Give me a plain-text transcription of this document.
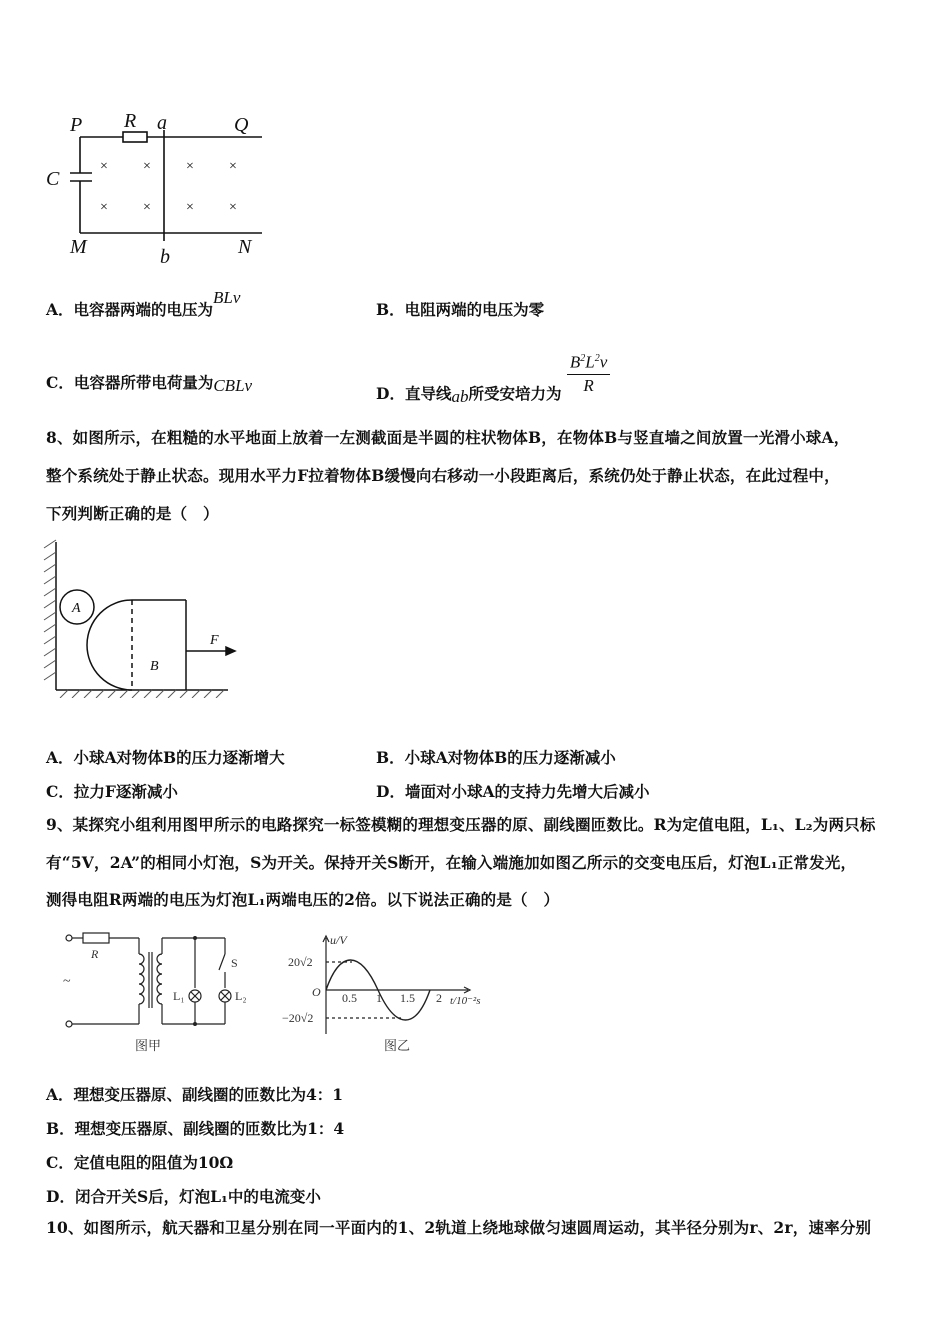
P R a	Q
C
M	b	N
×	×	×	×
×	×	×	×
A．电容器两端的电压为BLv
B．电阻两端的电压为零
C．电容器所带电荷量为CBLv	D．直导线ab所受安培力为 $\frac{B^2L^2v}{R}$
8、如图所示，在粗糙的水平地面上放着一左测截面是半圆的柱状物体B，在物体B与竖直墙之间放置一光滑小球A，
整个系统处于静止状态。现用水平力F拉着物体B缓慢向右移动一小段距离后，系统仍处于静止状态，在此过程中，
下列判断正确的是（　）
A
B
F
A．小球A对物体B的压力逐渐增大	B．小球A对物体B的压力逐渐减小
C．拉力F逐渐减小	D．墙面对小球A的支持力先增大后减小
9、某探究小组利用图甲所示的电路探究一标签模糊的理想变压器的原、副线圈匝数比。R为定值电阻，L₁、L₂为两只标
有“5V，2A”的相同小灯泡，S为开关。保持开关S断开，在输入端施加如图乙所示的交变电压后，灯泡L₁正常发光，
测得电阻R两端的电压为灯泡L₁两端电压的2倍。以下说法正确的是（　）
R
~
S
L₁	L₂
图甲
u/V
20√2
−20√2
O 0.5 1 1.5 2 t/10⁻²s
图乙
A．理想变压器原、副线圈的匝数比为4：1
B．理想变压器原、副线圈的匝数比为1：4
C．定值电阻的阻值为10Ω
D．闭合开关S后，灯泡L₁中的电流变小
10、如图所示，航天器和卫星分别在同一平面内的1、2轨道上绕地球做匀速圆周运动，其半径分别为r、2r，速率分别
